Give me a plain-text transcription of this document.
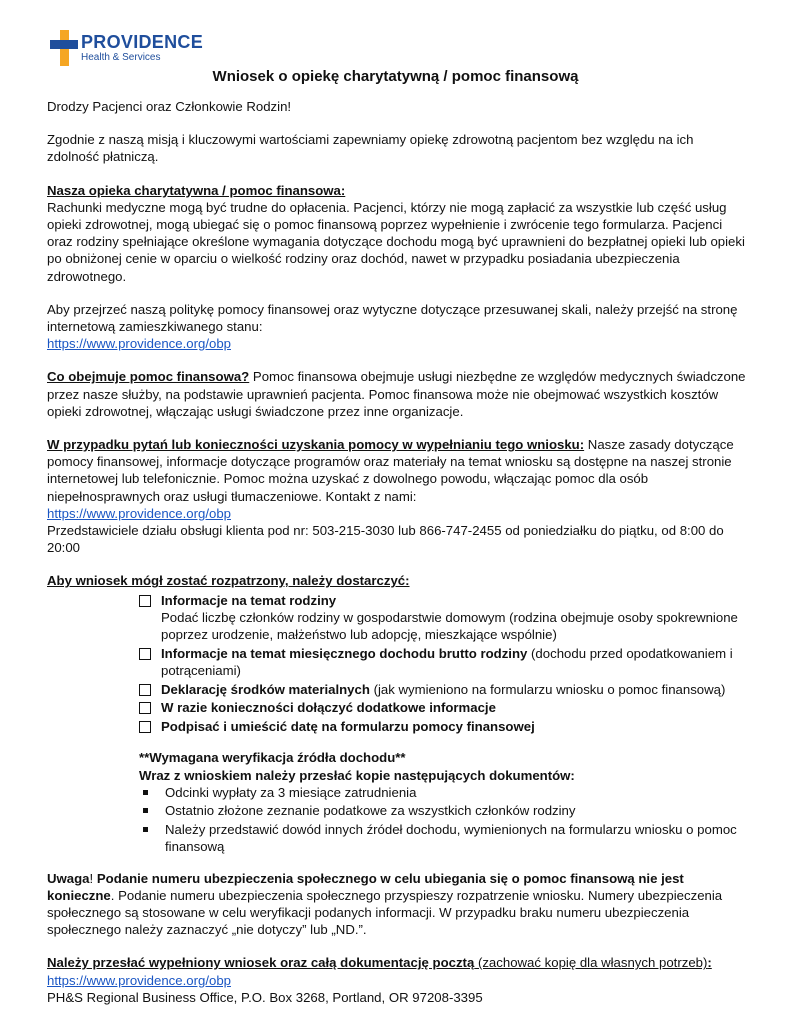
PROVIDENCE
Health & Services
Wniosek o opiekę charytatywną / pomoc finansową

Drodzy Pacjenci oraz Członkowie Rodzin!

Zgodnie z naszą misją i kluczowymi wartościami zapewniamy opiekę zdrowotną pacjentom bez względu na ich zdolność płatniczą.

Nasza opieka charytatywna / pomoc finansowa:
Rachunki medyczne mogą być trudne do opłacenia. Pacjenci, którzy nie mogą zapłacić za wszystkie lub część usług opieki zdrowotnej, mogą ubiegać się o pomoc finansową poprzez wypełnienie i zwrócenie tego formularza. Pacjenci oraz rodziny spełniające określone wymagania dotyczące dochodu mogą być uprawnieni do bezpłatnej opieki lub opieki po obniżonej cenie w oparciu o wielkość rodziny oraz dochód, nawet w przypadku posiadania ubezpieczenia zdrowotnego.

Aby przejrzeć naszą politykę pomocy finansowej oraz wytyczne dotyczące przesuwanej skali, należy przejść na stronę internetową zamieszkiwanego stanu:
https://www.providence.org/obp

Co obejmuje pomoc finansowa? Pomoc finansowa obejmuje usługi niezbędne ze względów medycznych świadczone przez nasze służby, na podstawie uprawnień pacjenta. Pomoc finansowa może nie obejmować wszystkich kosztów opieki zdrowotnej, włączając usługi świadczone przez inne organizacje.

W przypadku pytań lub konieczności uzyskania pomocy w wypełnianiu tego wniosku: Nasze zasady dotyczące pomocy finansowej, informacje dotyczące programów oraz materiały na temat wniosku są dostępne na naszej stronie internetowej lub telefonicznie. Pomoc można uzyskać z dowolnego powodu, włączając pomoc dla osób niepełnosprawnych oraz usługi tłumaczeniowe. Kontakt z nami:
https://www.providence.org/obp
Przedstawiciele działu obsługi klienta pod nr: 503-215-3030 lub 866-747-2455 od poniedziałku do piątku, od 8:00 do 20:00

Aby wniosek mógł zostać rozpatrzony, należy dostarczyć:

Informacje na temat rodziny
Podać liczbę członków rodziny w gospodarstwie domowym (rodzina obejmuje osoby spokrewnione poprzez urodzenie, małżeństwo lub adopcję, mieszkające wspólnie)
Informacje na temat miesięcznego dochodu brutto rodziny (dochodu przed opodatkowaniem i potrąceniami)
Deklarację środków materialnych (jak wymieniono na formularzu wniosku o pomoc finansową)
W razie konieczności dołączyć dodatkowe informacje
Podpisać i umieścić datę na formularzu pomocy finansowej
**Wymagana weryfikacja źródła dochodu**
Wraz z wnioskiem należy przesłać kopie następujących dokumentów:
Odcinki wypłaty za 3 miesiące zatrudnienia
Ostatnio złożone zeznanie podatkowe za wszystkich członków rodziny
Należy przedstawić dowód innych źródeł dochodu, wymienionych na formularzu wniosku o pomoc finansową

Uwaga! Podanie numeru ubezpieczenia społecznego w celu ubiegania się o pomoc finansową nie jest konieczne. Podanie numeru ubezpieczenia społecznego przyspieszy rozpatrzenie wniosku. Numery ubezpieczenia społecznego są stosowane w celu weryfikacji podanych informacji. W przypadku braku numeru ubezpieczenia społecznego należy zaznaczyć „nie dotyczy” lub „ND.”.

Należy przesłać wypełniony wniosek oraz całą dokumentację pocztą (zachować kopię dla własnych potrzeb):
https://www.providence.org/obp
PH&S Regional Business Office, P.O. Box 3268, Portland, OR 97208-3395
